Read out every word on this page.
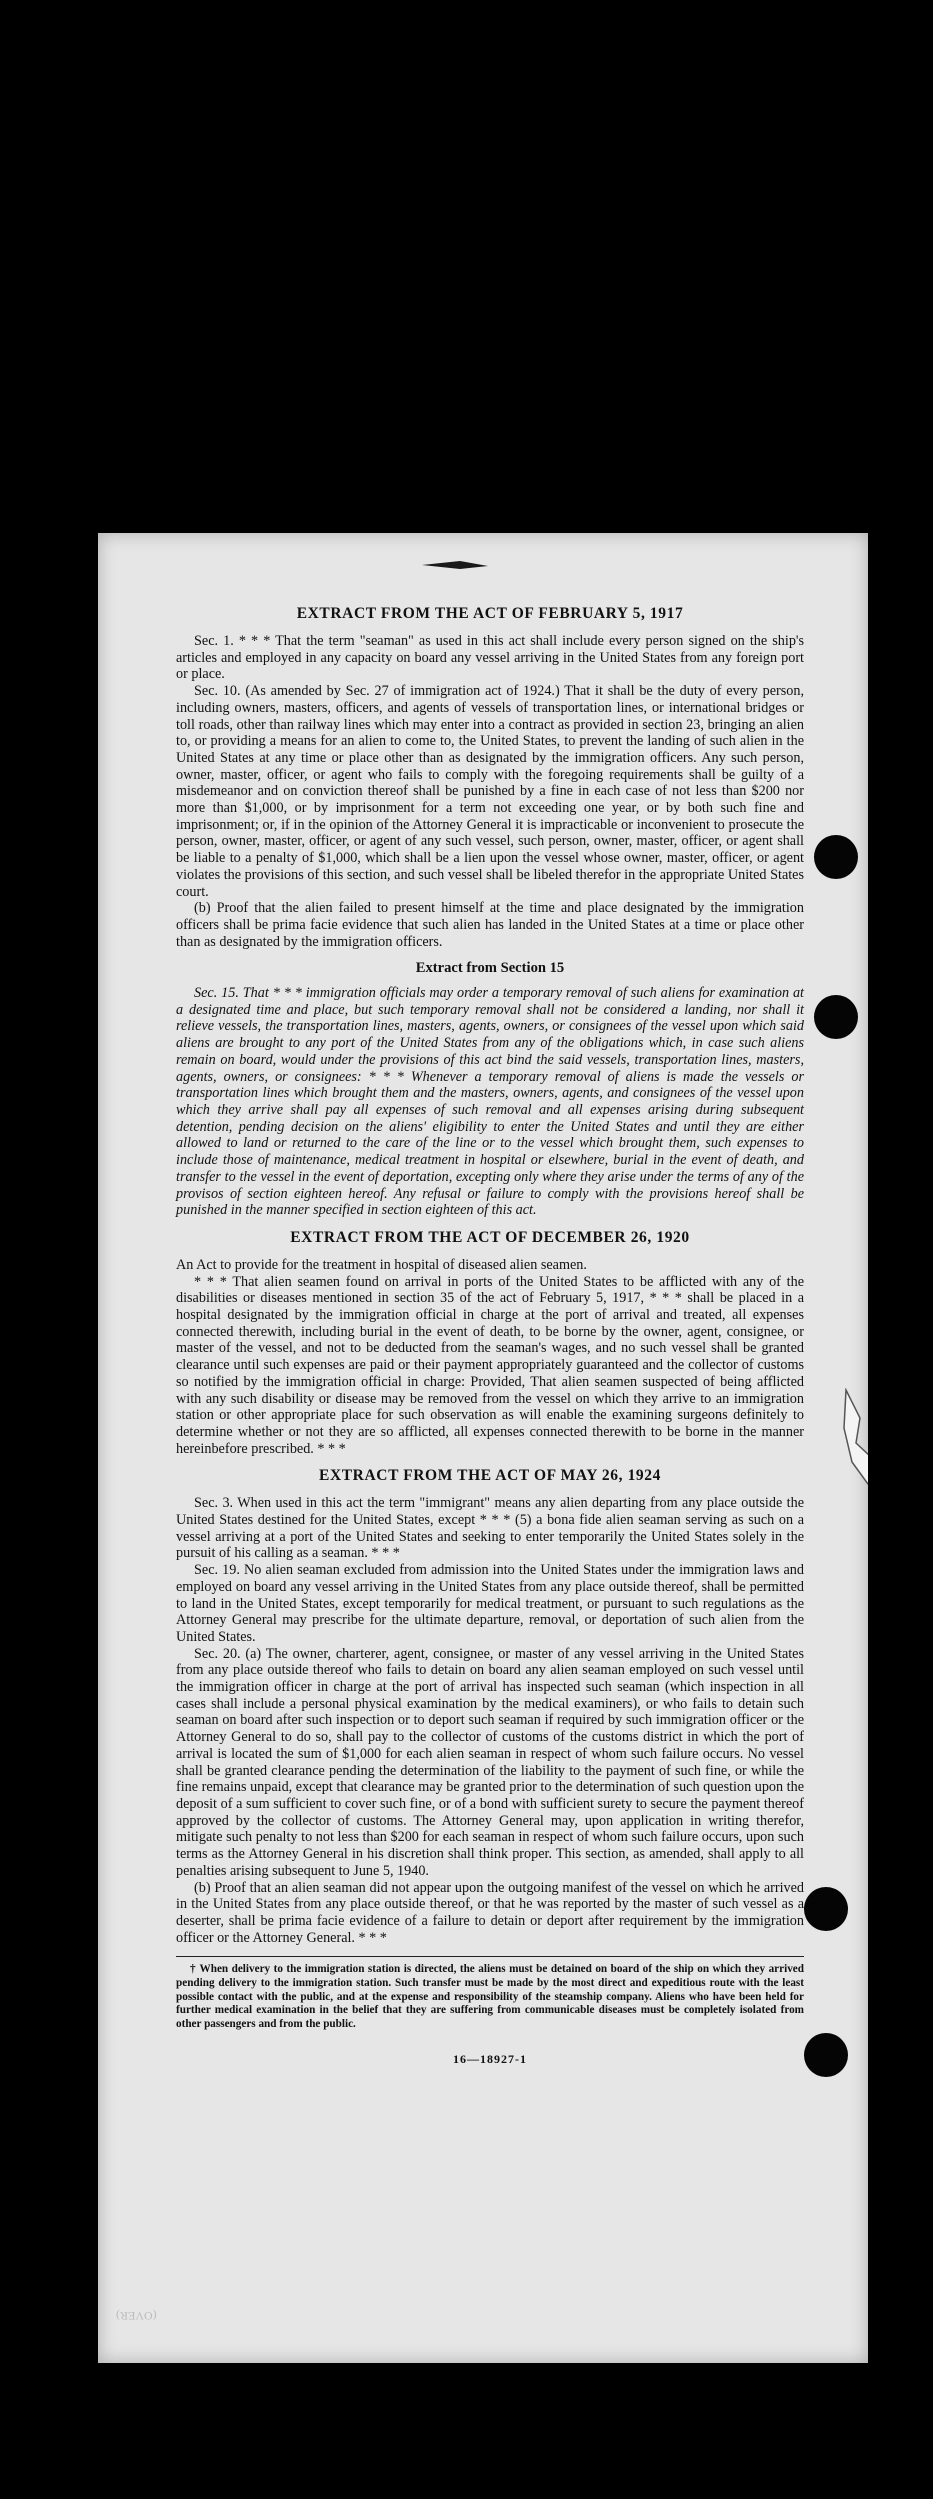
EXTRACT FROM THE ACT OF FEBRUARY 5, 1917

Sec. 1. * * * That the term "seaman" as used in this act shall include every person signed on the ship's articles and employed in any capacity on board any vessel arriving in the United States from any foreign port or place.

Sec. 10. (As amended by Sec. 27 of immigration act of 1924.) That it shall be the duty of every person, including owners, masters, officers, and agents of vessels of transportation lines, or international bridges or toll roads, other than railway lines which may enter into a contract as provided in section 23, bringing an alien to, or providing a means for an alien to come to, the United States, to prevent the landing of such alien in the United States at any time or place other than as designated by the immigration officers. Any such person, owner, master, officer, or agent who fails to comply with the foregoing requirements shall be guilty of a misdemeanor and on conviction thereof shall be punished by a fine in each case of not less than $200 nor more than $1,000, or by imprisonment for a term not exceeding one year, or by both such fine and imprisonment; or, if in the opinion of the Attorney General it is impracticable or inconvenient to prosecute the person, owner, master, officer, or agent of any such vessel, such person, owner, master, officer, or agent shall be liable to a penalty of $1,000, which shall be a lien upon the vessel whose owner, master, officer, or agent violates the provisions of this section, and such vessel shall be libeled therefor in the appropriate United States court.

(b) Proof that the alien failed to present himself at the time and place designated by the immigration officers shall be prima facie evidence that such alien has landed in the United States at a time or place other than as designated by the immigration officers.

Extract from Section 15

Sec. 15. That * * * immigration officials may order a temporary removal of such aliens for examination at a designated time and place, but such temporary removal shall not be considered a landing, nor shall it relieve vessels, the transportation lines, masters, agents, owners, or consignees of the vessel upon which said aliens are brought to any port of the United States from any of the obligations which, in case such aliens remain on board, would under the provisions of this act bind the said vessels, transportation lines, masters, agents, owners, or consignees: * * * Whenever a temporary removal of aliens is made the vessels or transportation lines which brought them and the masters, owners, agents, and consignees of the vessel upon which they arrive shall pay all expenses of such removal and all expenses arising during subsequent detention, pending decision on the aliens' eligibility to enter the United States and until they are either allowed to land or returned to the care of the line or to the vessel which brought them, such expenses to include those of maintenance, medical treatment in hospital or elsewhere, burial in the event of death, and transfer to the vessel in the event of deportation, excepting only where they arise under the terms of any of the provisos of section eighteen hereof. Any refusal or failure to comply with the provisions hereof shall be punished in the manner specified in section eighteen of this act.

EXTRACT FROM THE ACT OF DECEMBER 26, 1920

An Act to provide for the treatment in hospital of diseased alien seamen.

* * * That alien seamen found on arrival in ports of the United States to be afflicted with any of the disabilities or diseases mentioned in section 35 of the act of February 5, 1917, * * * shall be placed in a hospital designated by the immigration official in charge at the port of arrival and treated, all expenses connected therewith, including burial in the event of death, to be borne by the owner, agent, consignee, or master of the vessel, and not to be deducted from the seaman's wages, and no such vessel shall be granted clearance until such expenses are paid or their payment appropriately guaranteed and the collector of customs so notified by the immigration official in charge: Provided, That alien seamen suspected of being afflicted with any such disability or disease may be removed from the vessel on which they arrive to an immigration station or other appropriate place for such observation as will enable the examining surgeons definitely to determine whether or not they are so afflicted, all expenses connected therewith to be borne in the manner hereinbefore prescribed. * * *

EXTRACT FROM THE ACT OF MAY 26, 1924

Sec. 3. When used in this act the term "immigrant" means any alien departing from any place outside the United States destined for the United States, except * * * (5) a bona fide alien seaman serving as such on a vessel arriving at a port of the United States and seeking to enter temporarily the United States solely in the pursuit of his calling as a seaman. * * *

Sec. 19. No alien seaman excluded from admission into the United States under the immigration laws and employed on board any vessel arriving in the United States from any place outside thereof, shall be permitted to land in the United States, except temporarily for medical treatment, or pursuant to such regulations as the Attorney General may prescribe for the ultimate departure, removal, or deportation of such alien from the United States.

Sec. 20. (a) The owner, charterer, agent, consignee, or master of any vessel arriving in the United States from any place outside thereof who fails to detain on board any alien seaman employed on such vessel until the immigration officer in charge at the port of arrival has inspected such seaman (which inspection in all cases shall include a personal physical examination by the medical examiners), or who fails to detain such seaman on board after such inspection or to deport such seaman if required by such immigration officer or the Attorney General to do so, shall pay to the collector of customs of the customs district in which the port of arrival is located the sum of $1,000 for each alien seaman in respect of whom such failure occurs. No vessel shall be granted clearance pending the determination of the liability to the payment of such fine, or while the fine remains unpaid, except that clearance may be granted prior to the determination of such question upon the deposit of a sum sufficient to cover such fine, or of a bond with sufficient surety to secure the payment thereof approved by the collector of customs. The Attorney General may, upon application in writing therefor, mitigate such penalty to not less than $200 for each seaman in respect of whom such failure occurs, upon such terms as the Attorney General in his discretion shall think proper. This section, as amended, shall apply to all penalties arising subsequent to June 5, 1940.

(b) Proof that an alien seaman did not appear upon the outgoing manifest of the vessel on which he arrived in the United States from any place outside thereof, or that he was reported by the master of such vessel as a deserter, shall be prima facie evidence of a failure to detain or deport after requirement by the immigration officer or the Attorney General. * * *

† When delivery to the immigration station is directed, the aliens must be detained on board of the ship on which they arrived pending delivery to the immigration station. Such transfer must be made by the most direct and expeditious route with the least possible contact with the public, and at the expense and responsibility of the steamship company. Aliens who have been held for further medical examination in the belief that they are suffering from communicable diseases must be completely isolated from other passengers and from the public.

16—18927-1
(OVER)
